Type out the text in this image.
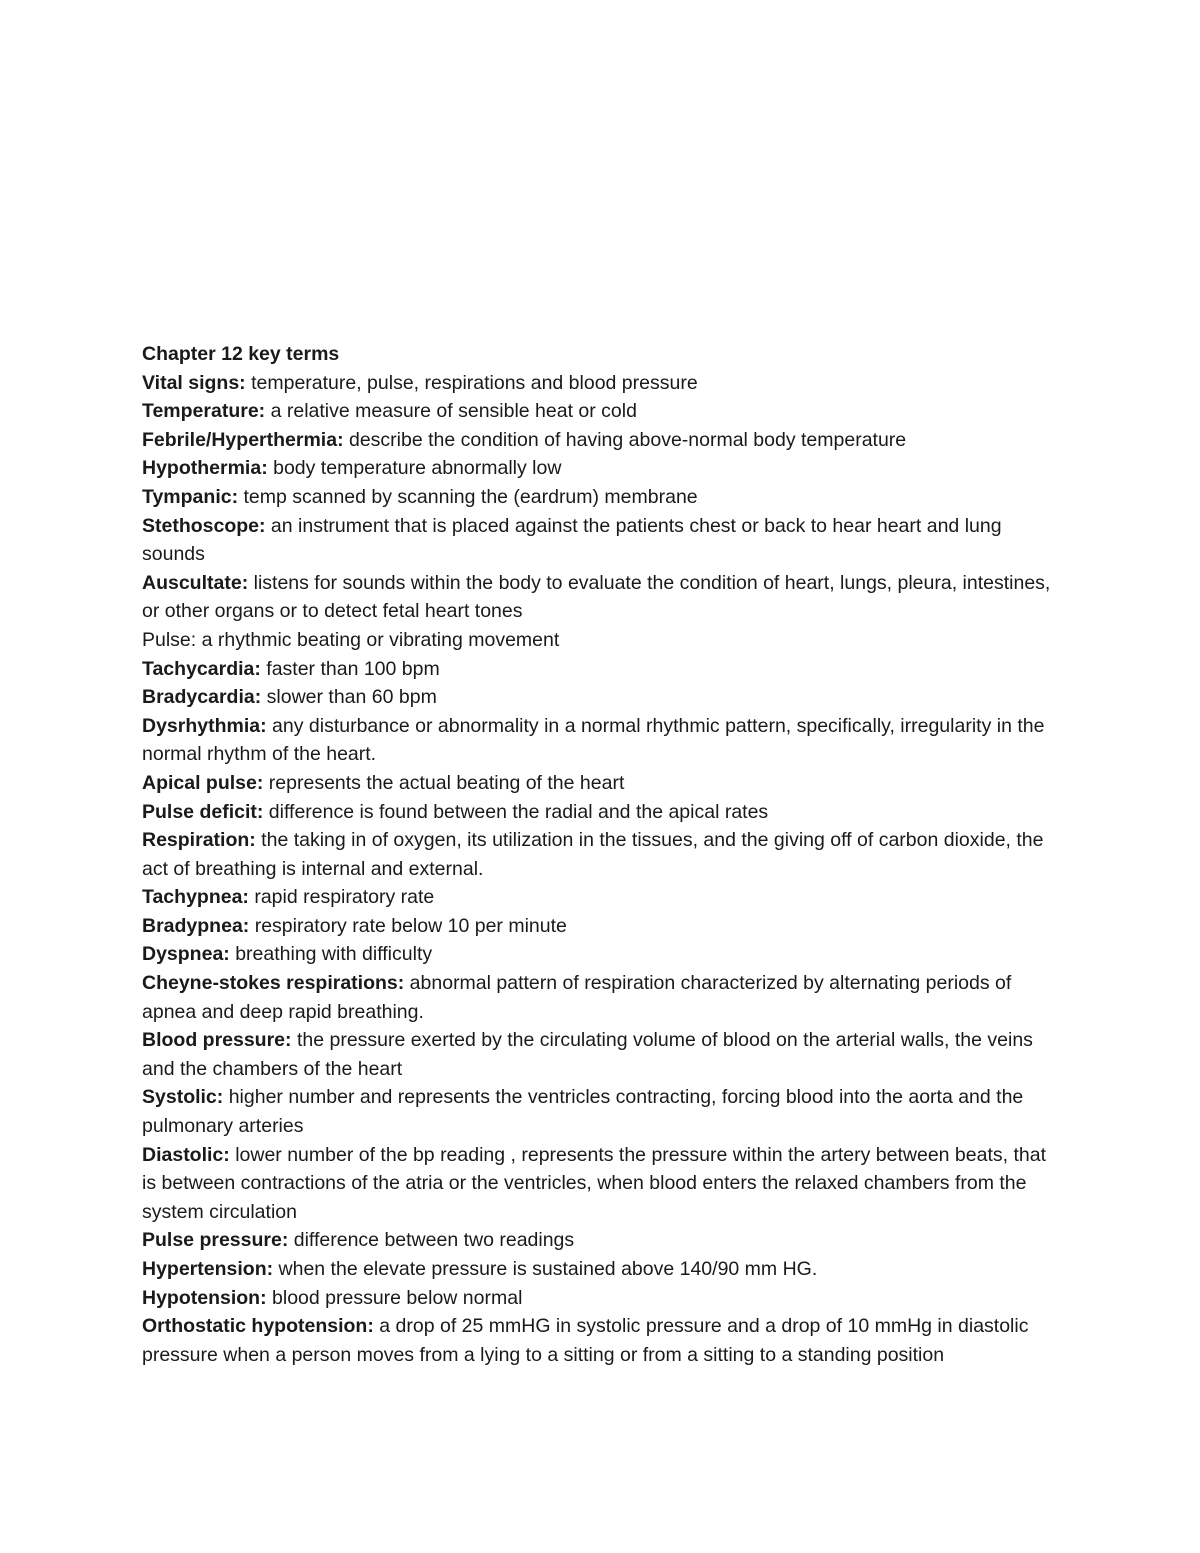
Chapter 12 key terms

Vital signs: temperature, pulse, respirations and blood pressure

Temperature: a relative measure of sensible heat or cold

Febrile/Hyperthermia: describe the condition of having above-normal body temperature

Hypothermia: body temperature abnormally low

Tympanic: temp scanned by scanning the (eardrum) membrane

Stethoscope: an instrument that is placed against the patients chest or back to hear heart and lung sounds

Auscultate: listens for sounds within the body to evaluate the condition of heart, lungs, pleura, intestines, or other organs or to detect fetal heart tones

Pulse: a rhythmic beating or vibrating movement

Tachycardia: faster than 100 bpm

Bradycardia: slower than 60 bpm

Dysrhythmia: any disturbance or abnormality in a normal rhythmic pattern, specifically, irregularity in the normal rhythm of the heart.

Apical pulse: represents the actual beating of the heart

Pulse deficit: difference is found between the radial and the apical rates

Respiration: the taking in of oxygen, its utilization in the tissues, and the giving off of carbon dioxide, the act of breathing is internal and external.

Tachypnea: rapid respiratory rate

Bradypnea: respiratory rate below 10 per minute

Dyspnea: breathing with difficulty

Cheyne-stokes respirations: abnormal pattern of respiration characterized by alternating periods of apnea and deep rapid breathing.

Blood pressure: the pressure exerted by the circulating volume of blood on the arterial walls, the veins and the chambers of the heart

Systolic: higher number and represents the ventricles contracting, forcing blood into the aorta and the pulmonary arteries

Diastolic: lower number of the bp reading , represents the pressure within the artery between beats, that is between contractions of the atria or the ventricles, when blood enters the relaxed chambers from the system circulation

Pulse pressure: difference between two readings

Hypertension: when the elevate pressure is sustained above 140/90 mm HG.

Hypotension: blood pressure below normal

Orthostatic hypotension: a drop of 25 mmHG in systolic pressure and a drop of 10 mmHg in diastolic pressure when a person moves from a lying to a sitting or from a sitting to a standing position
